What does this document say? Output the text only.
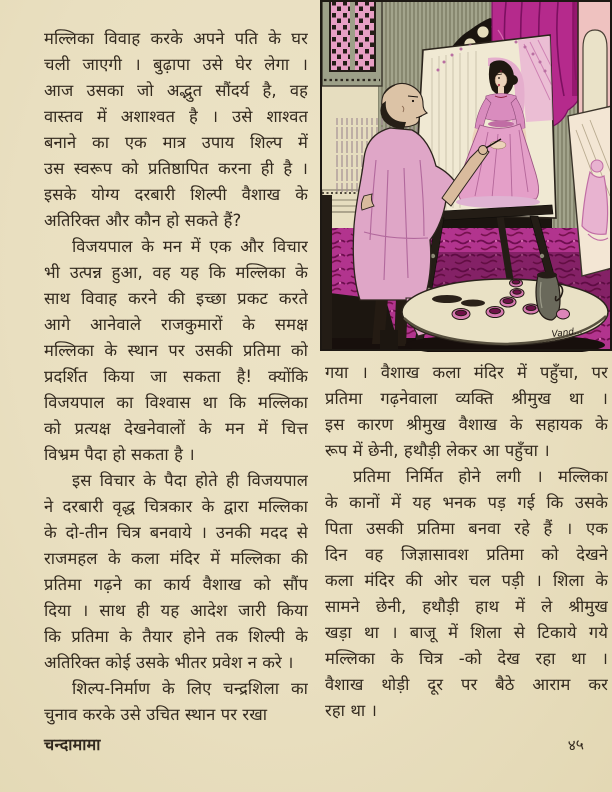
मल्लिका विवाह करके अपने पति के घर
चली जाएगी । बुढ़ापा उसे घेर लेगा ।
आज उसका जो अद्भुत सौंदर्य है, वह
वास्तव में अशाश्वत है । उसे शाश्वत
बनाने का एक मात्र उपाय शिल्प में
उस स्वरूप को प्रतिष्ठापित करना ही है ।
इसके योग्य दरबारी शिल्पी वैशाख के
अतिरिक्त और कौन हो सकते हैं?
विजयपाल के मन में एक और विचार
भी उत्पन्न हुआ, वह यह कि मल्लिका के
साथ विवाह करने की इच्छा प्रकट करते
आगे आनेवाले राजकुमारों के समक्ष
मल्लिका के स्थान पर उसकी प्रतिमा को
प्रदर्शित किया जा सकता है! क्योंकि
विजयपाल का विश्वास था कि मल्लिका
को प्रत्यक्ष देखनेवालों के मन में चित्त
विभ्रम पैदा हो सकता है ।
इस विचार के पैदा होते ही विजयपाल
ने दरबारी वृद्ध चित्रकार के द्वारा मल्लिका
के दो-तीन चित्र बनवाये । उनकी मदद से
राजमहल के कला मंदिर में मल्लिका की
प्रतिमा गढ़ने का कार्य वैशाख को सौंप
दिया । साथ ही यह आदेश जारी किया
कि प्रतिमा के तैयार होने तक शिल्पी के
अतिरिक्त कोई उसके भीतर प्रवेश न करे ।
शिल्प-निर्माण के लिए चन्द्रशिला का
चुनाव करके उसे उचित स्थान पर रखा
Vand...
गया । वैशाख कला मंदिर में पहुँचा, पर
प्रतिमा गढ़नेवाला व्यक्ति श्रीमुख था ।
इस कारण श्रीमुख वैशाख के सहायक के
रूप में छेनी, हथौड़ी लेकर आ पहुँचा ।
प्रतिमा निर्मित होने लगी । मल्लिका
के कानों में यह भनक पड़ गई कि उसके
पिता उसकी प्रतिमा बनवा रहे हैं । एक
दिन वह जिज्ञासावश प्रतिमा को देखने
कला मंदिर की ओर चल पड़ी । शिला के
सामने छेनी, हथौड़ी हाथ में ले श्रीमुख
खड़ा था । बाजू में शिला से टिकाये गये
मल्लिका के चित्र -को देख रहा था ।
वैशाख थोड़ी दूर पर बैठे आराम कर
रहा था ।
चन्दामामा	४५
